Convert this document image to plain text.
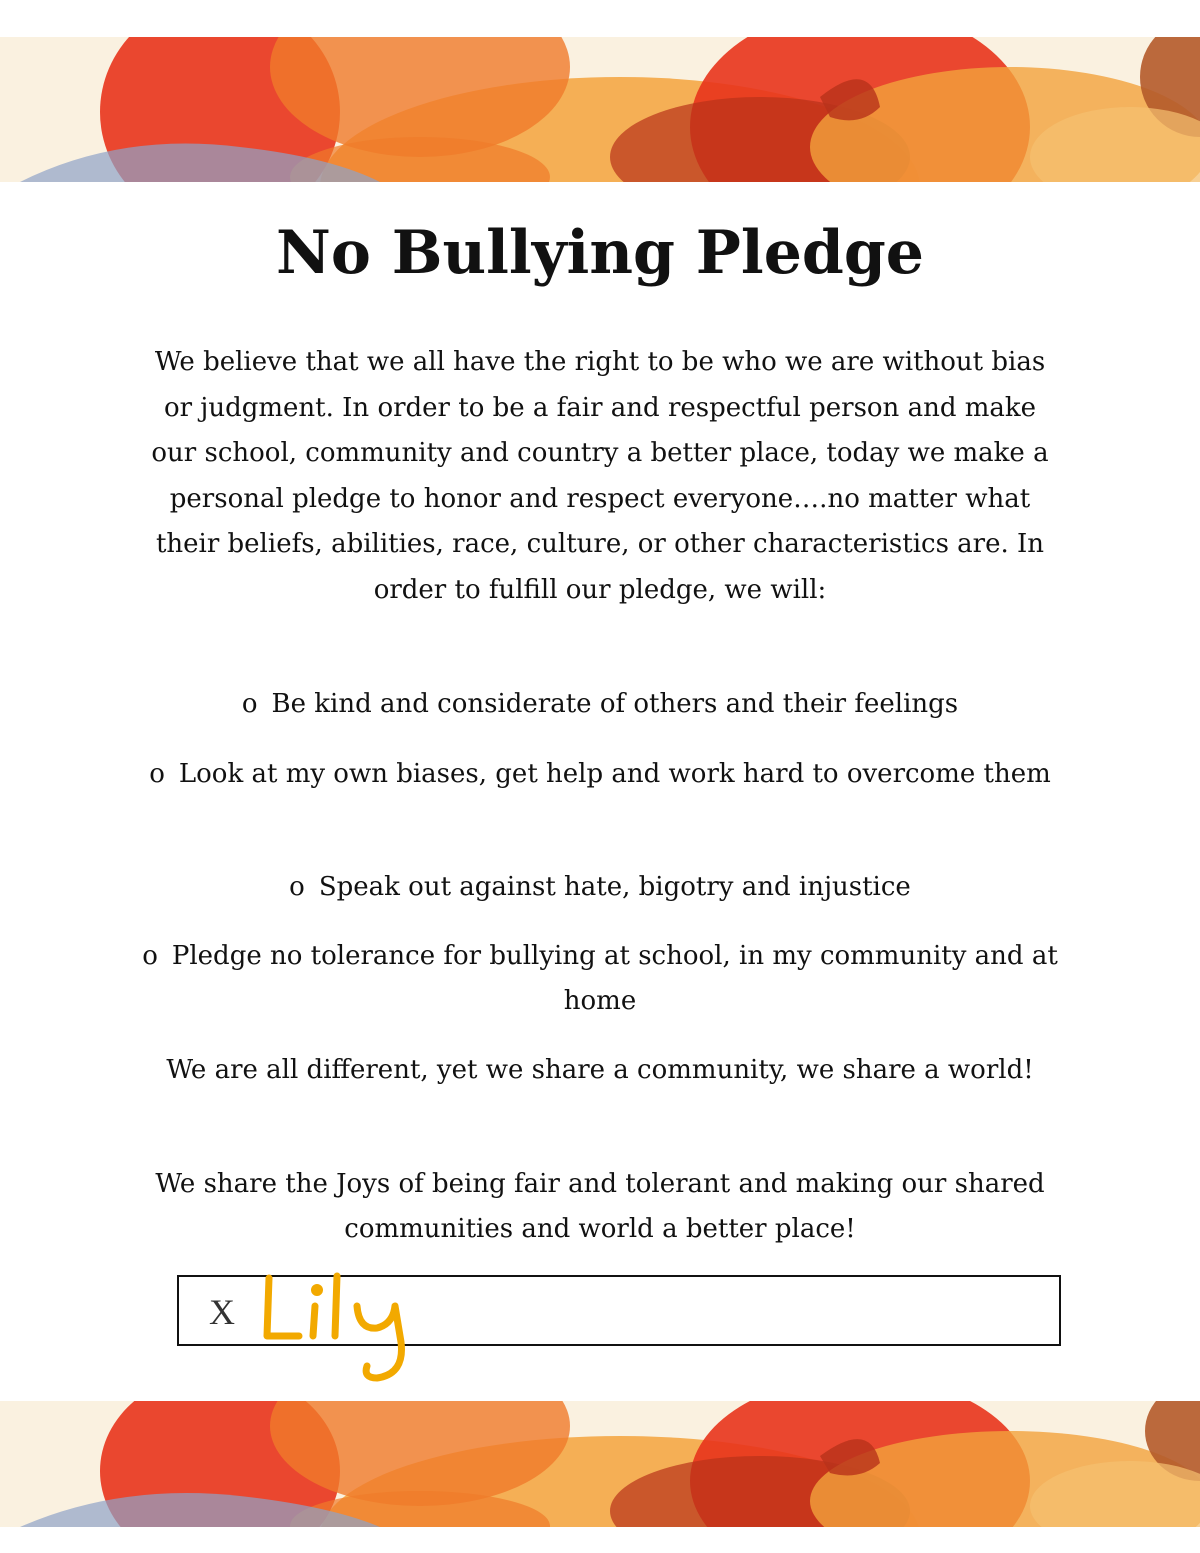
No Bullying Pledge

We believe that we all have the right to be who we are without bias or judgment. In order to be a fair and respectful person and make our school, community and country a better place, today we make a personal pledge to honor and respect everyone….no matter what their beliefs, abilities, race, culture, or other characteristics are. In order to fulfill our pledge, we will:

o Be kind and considerate of others and their feelings

o Look at my own biases, get help and work hard to overcome them

o Speak out against hate, bigotry and injustice

o Pledge no tolerance for bullying at school, in my community and at home

We are all different, yet we share a community, we share a world!

We share the Joys of being fair and tolerant and making our shared communities and world a better place!

X
